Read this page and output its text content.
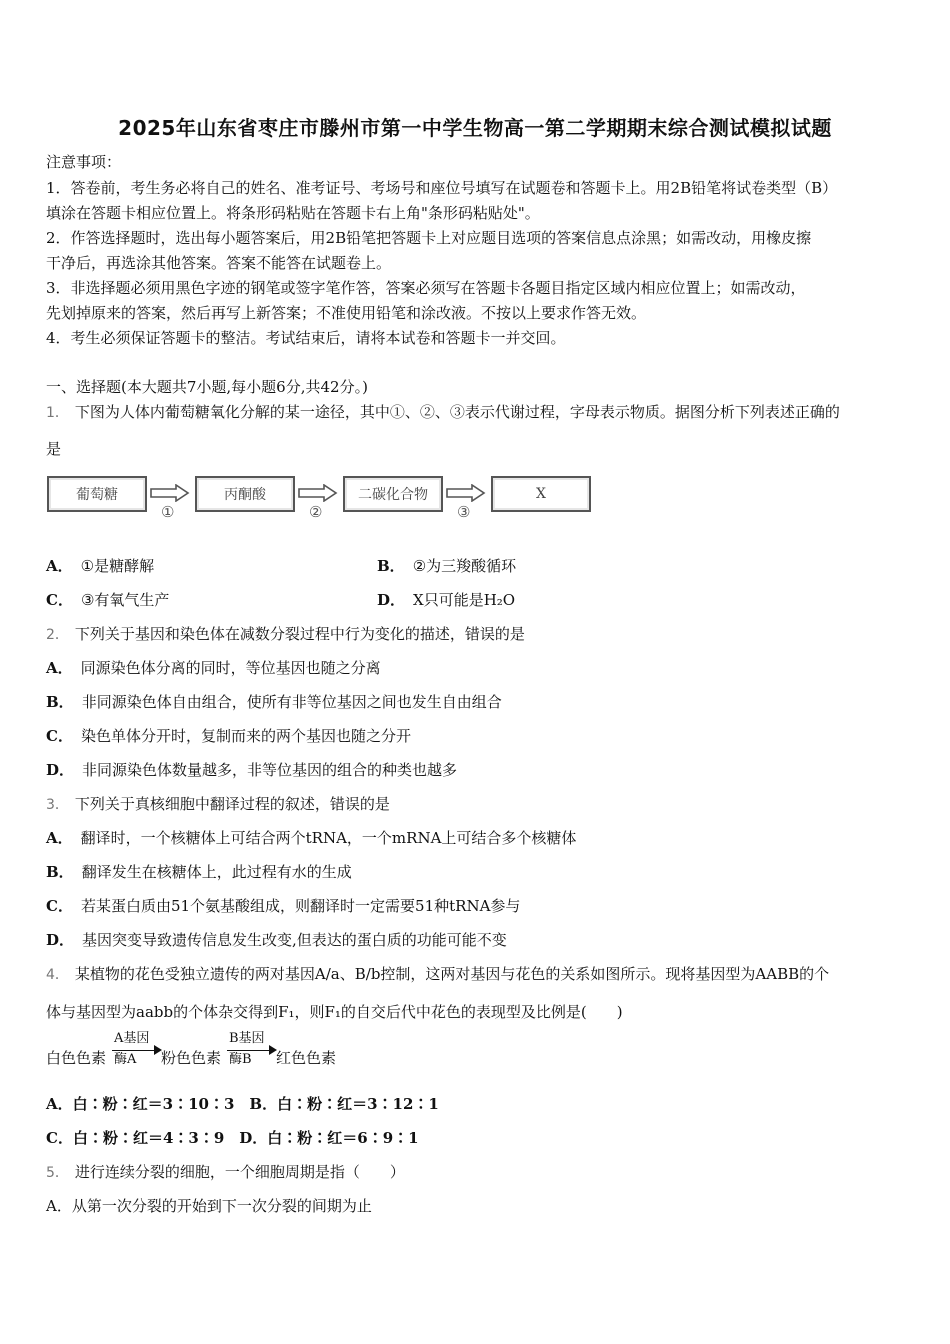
2025年山东省枣庄市滕州市第一中学生物高一第二学期期末综合测试模拟试题
注意事项：
1．答卷前，考生务必将自己的姓名、准考证号、考场号和座位号填写在试题卷和答题卡上。用2B铅笔将试卷类型（B）
填涂在答题卡相应位置上。将条形码粘贴在答题卡右上角"条形码粘贴处"。
2．作答选择题时，选出每小题答案后，用2B铅笔把答题卡上对应题目选项的答案信息点涂黑；如需改动，用橡皮擦
干净后，再选涂其他答案。答案不能答在试题卷上。
3．非选择题必须用黑色字迹的钢笔或签字笔作答，答案必须写在答题卡各题目指定区域内相应位置上；如需改动，
先划掉原来的答案，然后再写上新答案；不准使用铅笔和涂改液。不按以上要求作答无效。
4．考生必须保证答题卡的整洁。考试结束后，请将本试卷和答题卡一并交回。
一、选择题(本大题共7小题,每小题6分,共42分。)
1． 下图为人体内葡萄糖氧化分解的某一途径，其中①、②、③表示代谢过程，字母表示物质。据图分析下列表述正确的
是
葡萄糖	丙酮酸	二碳化合物	X
①	②	③
A． ①是糖酵解	B． ②为三羧酸循环
C． ③有氧气生产	D． X只可能是H₂O
2． 下列关于基因和染色体在减数分裂过程中行为变化的描述，错误的是
A． 同源染色体分离的同时，等位基因也随之分离
B． 非同源染色体自由组合，使所有非等位基因之间也发生自由组合
C． 染色单体分开时，复制而来的两个基因也随之分开
D． 非同源染色体数量越多，非等位基因的组合的种类也越多
3． 下列关于真核细胞中翻译过程的叙述，错误的是
A． 翻译时，一个核糖体上可结合两个tRNA，一个mRNA上可结合多个核糖体
B． 翻译发生在核糖体上，此过程有水的生成
C． 若某蛋白质由51个氨基酸组成，则翻译时一定需要51种tRNA参与
D． 基因突变导致遗传信息发生改变,但表达的蛋白质的功能可能不变
4． 某植物的花色受独立遗传的两对基因A/a、B/b控制，这两对基因与花色的关系如图所示。现将基因型为AABB的个
体与基因型为aabb的个体杂交得到F₁，则F₁的自交后代中花色的表现型及比例是(　　)
白色色素
A基因
酶A 粉色色素
B基因
酶B 红色色素
A．白∶粉∶红＝3∶10∶3　B．白∶粉∶红＝3∶12∶1
C．白∶粉∶红＝4∶3∶9　D．白∶粉∶红＝6∶9∶1
5． 进行连续分裂的细胞，一个细胞周期是指（　　）
A．从第一次分裂的开始到下一次分裂的间期为止
